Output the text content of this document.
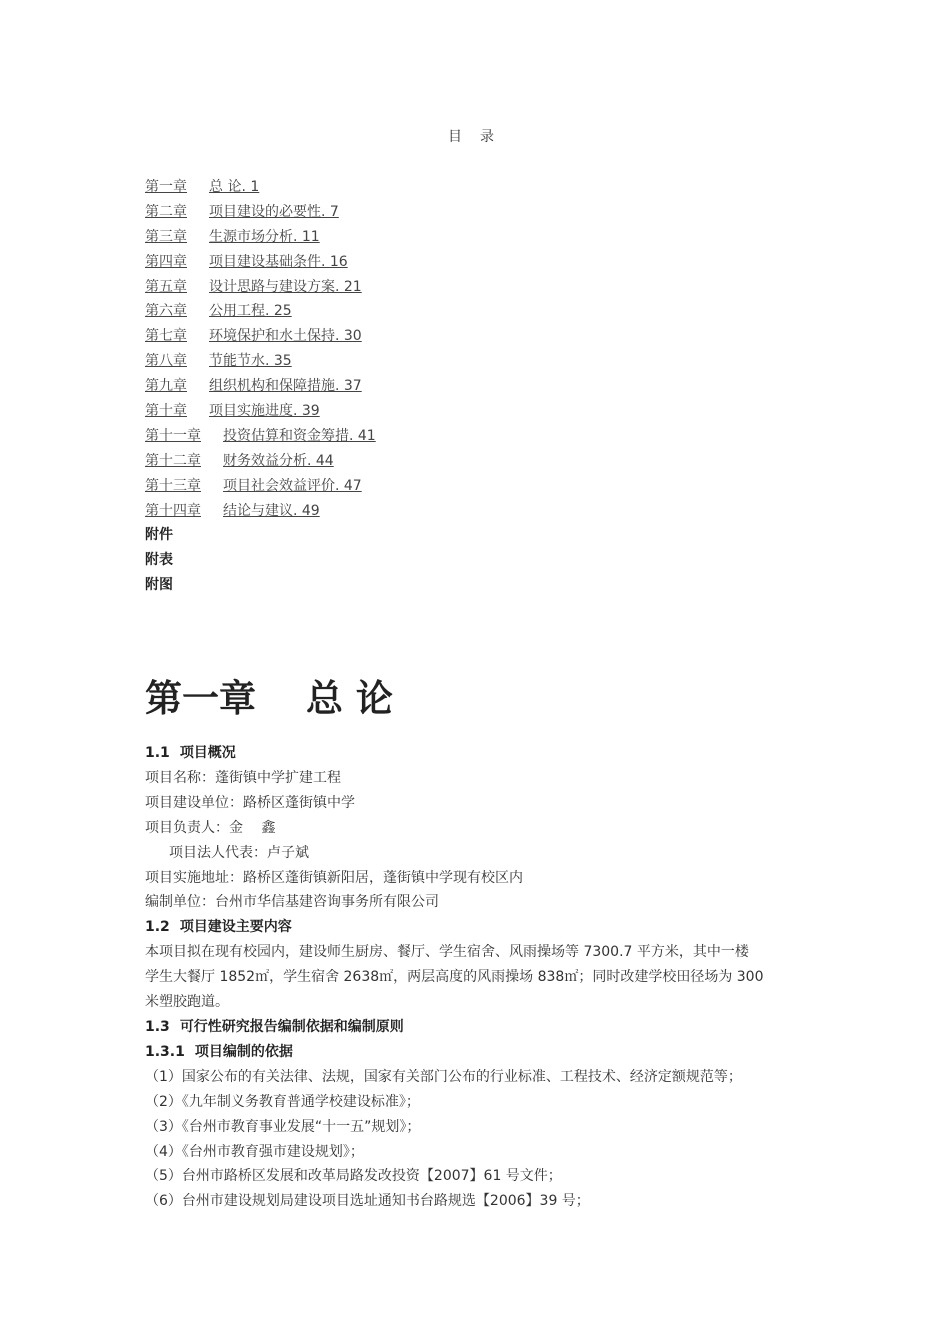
目录
第一章 总 论. 1
第二章 项目建设的必要性. 7
第三章 生源市场分析. 11
第四章 项目建设基础条件. 16
第五章 设计思路与建设方案. 21
第六章 公用工程. 25
第七章 环境保护和水土保持. 30
第八章 节能节水. 35
第九章 组织机构和保障措施. 37
第十章 项目实施进度. 39
第十一章 投资估算和资金筹措. 41
第十二章 财务效益分析. 44
第十三章 项目社会效益评价. 47
第十四章 结论与建议. 49
附件
附表
附图
第一章 总 论

1.1 项目概况

项目名称：蓬街镇中学扩建工程

项目建设单位：路桥区蓬街镇中学

项目负责人：金　 鑫

项目法人代表：卢子斌

项目实施地址：路桥区蓬街镇新阳居，蓬街镇中学现有校区内

编制单位：台州市华信基建咨询事务所有限公司

1.2 项目建设主要内容

本项目拟在现有校园内，建设师生厨房、餐厅、学生宿舍、风雨操场等 7300.7 平方米，其中一楼

学生大餐厅 1852㎡，学生宿舍 2638㎡，两层高度的风雨操场 838㎡；同时改建学校田径场为 300

米塑胶跑道。

1.3 可行性研究报告编制依据和编制原则

1.3.1 项目编制的依据

（1）国家公布的有关法律、法规，国家有关部门公布的行业标准、工程技术、经济定额规范等；

（2）《九年制义务教育普通学校建设标准》；

（3）《台州市教育事业发展“十一五”规划》；

（4）《台州市教育强市建设规划》；

（5）台州市路桥区发展和改革局路发改投资【2007】61 号文件；

（6）台州市建设规划局建设项目选址通知书台路规选【2006】39 号；
